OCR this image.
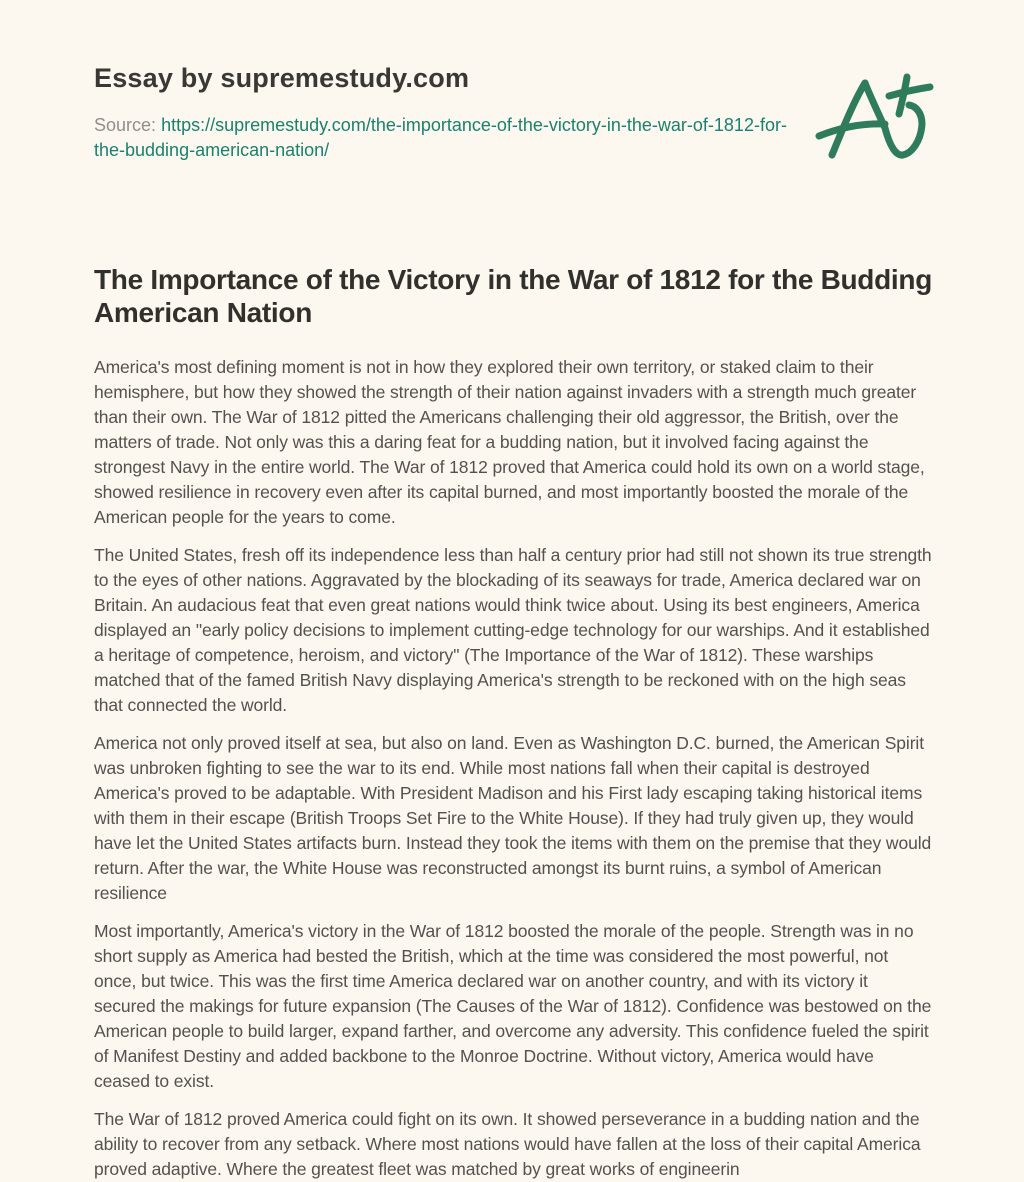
Essay by supremestudy.com
Source: https://supremestudy.com/the-importance-of-the-victory-in-the-war-of-1812-for-the-budding-american-nation/
The Importance of the Victory in the War of 1812 for the Budding American Nation

America's most defining moment is not in how they explored their own territory, or staked claim to their hemisphere, but how they showed the strength of their nation against invaders with a strength much greater than their own. The War of 1812 pitted the Americans challenging their old aggressor, the British, over the matters of trade. Not only was this a daring feat for a budding nation, but it involved facing against the strongest Navy in the entire world. The War of 1812 proved that America could hold its own on a world stage, showed resilience in recovery even after its capital burned, and most importantly boosted the morale of the American people for the years to come.

The United States, fresh off its independence less than half a century prior had still not shown its true strength to the eyes of other nations. Aggravated by the blockading of its seaways for trade, America declared war on Britain. An audacious feat that even great nations would think twice about. Using its best engineers, America displayed an "early policy decisions to implement cutting-edge technology for our warships. And it established a heritage of competence, heroism, and victory" (The Importance of the War of 1812). These warships matched that of the famed British Navy displaying America's strength to be reckoned with on the high seas that connected the world.

America not only proved itself at sea, but also on land. Even as Washington D.C. burned, the American Spirit was unbroken fighting to see the war to its end. While most nations fall when their capital is destroyed America's proved to be adaptable. With President Madison and his First lady escaping taking historical items with them in their escape (British Troops Set Fire to the White House). If they had truly given up, they would have let the United States artifacts burn. Instead they took the items with them on the premise that they would return. After the war, the White House was reconstructed amongst its burnt ruins, a symbol of American resilience

Most importantly, America's victory in the War of 1812 boosted the morale of the people. Strength was in no short supply as America had bested the British, which at the time was considered the most powerful, not once, but twice. This was the first time America declared war on another country, and with its victory it secured the makings for future expansion (The Causes of the War of 1812). Confidence was bestowed on the American people to build larger, expand farther, and overcome any adversity. This confidence fueled the spirit of Manifest Destiny and added backbone to the Monroe Doctrine. Without victory, America would have ceased to exist.

The War of 1812 proved America could fight on its own. It showed perseverance in a budding nation and the ability to recover from any setback. Where most nations would have fallen at the loss of their capital America proved adaptive. Where the greatest fleet was matched by great works of engineerin
